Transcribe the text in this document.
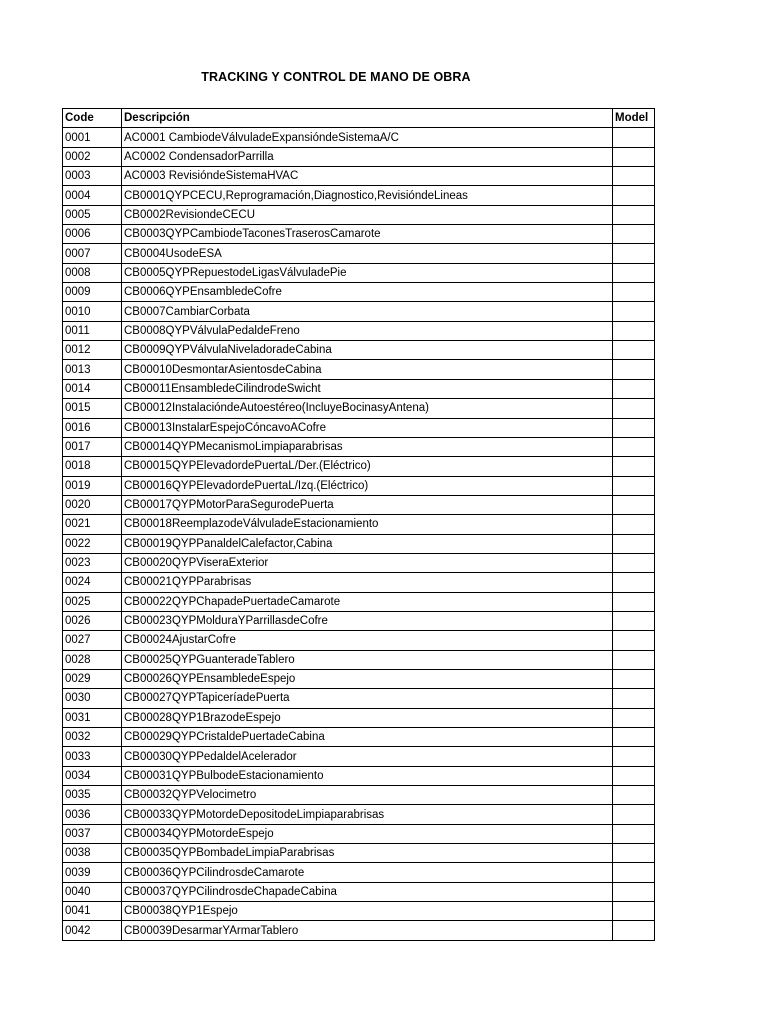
TRACKING Y CONTROL DE MANO DE OBRA
Code	Descripción	Model
0001	AC0001 CambiodeVálvuladeExpansióndeSistemaA/C	
0002	AC0002 CondensadorParrilla	
0003	AC0003 RevisióndeSistemaHVAC	
0004	CB0001QYPCECU,Reprogramación,Diagnostico,RevisióndeLineas	
0005	CB0002RevisiondeCECU	
0006	CB0003QYPCambiodeTaconesTraserosCamarote	
0007	CB0004UsodeESA	
0008	CB0005QYPRepuestodeLigasVálvuladePie	
0009	CB0006QYPEnsambledeCofre	
0010	CB0007CambiarCorbata	
0011	CB0008QYPVálvulaPedaldeFreno	
0012	CB0009QYPVálvulaNiveladoradeCabina	
0013	CB00010DesmontarAsientosdeCabina	
0014	CB00011EnsambledeCilindrodeSwicht	
0015	CB00012InstalacióndeAutoestéreo(IncluyeBocinasyAntena)	
0016	CB00013InstalarEspejoCóncavoACofre	
0017	CB00014QYPMecanismoLimpiaparabrisas	
0018	CB00015QYPElevadordePuertaL/Der.(Eléctrico)	
0019	CB00016QYPElevadordePuertaL/Izq.(Eléctrico)	
0020	CB00017QYPMotorParaSegurodePuerta	
0021	CB00018ReemplazodeVálvuladeEstacionamiento	
0022	CB00019QYPPanaldelCalefactor,Cabina	
0023	CB00020QYPViseraExterior	
0024	CB00021QYPParabrisas	
0025	CB00022QYPChapadePuertadeCamarote	
0026	CB00023QYPMolduraYParrillasdeCofre	
0027	CB00024AjustarCofre	
0028	CB00025QYPGuanteradeTablero	
0029	CB00026QYPEnsambledeEspejo	
0030	CB00027QYPTapiceríadePuerta	
0031	CB00028QYP1BrazodeEspejo	
0032	CB00029QYPCristaldePuertadeCabina	
0033	CB00030QYPPedaldelAcelerador	
0034	CB00031QYPBulbodeEstacionamiento	
0035	CB00032QYPVelocimetro	
0036	CB00033QYPMotordeDepositodeLimpiaparabrisas	
0037	CB00034QYPMotordeEspejo	
0038	CB00035QYPBombadeLimpiaParabrisas	
0039	CB00036QYPCilindrosdeCamarote	
0040	CB00037QYPCilindrosdeChapadeCabina	
0041	CB00038QYP1Espejo	
0042	CB00039DesarmarYArmarTablero	
